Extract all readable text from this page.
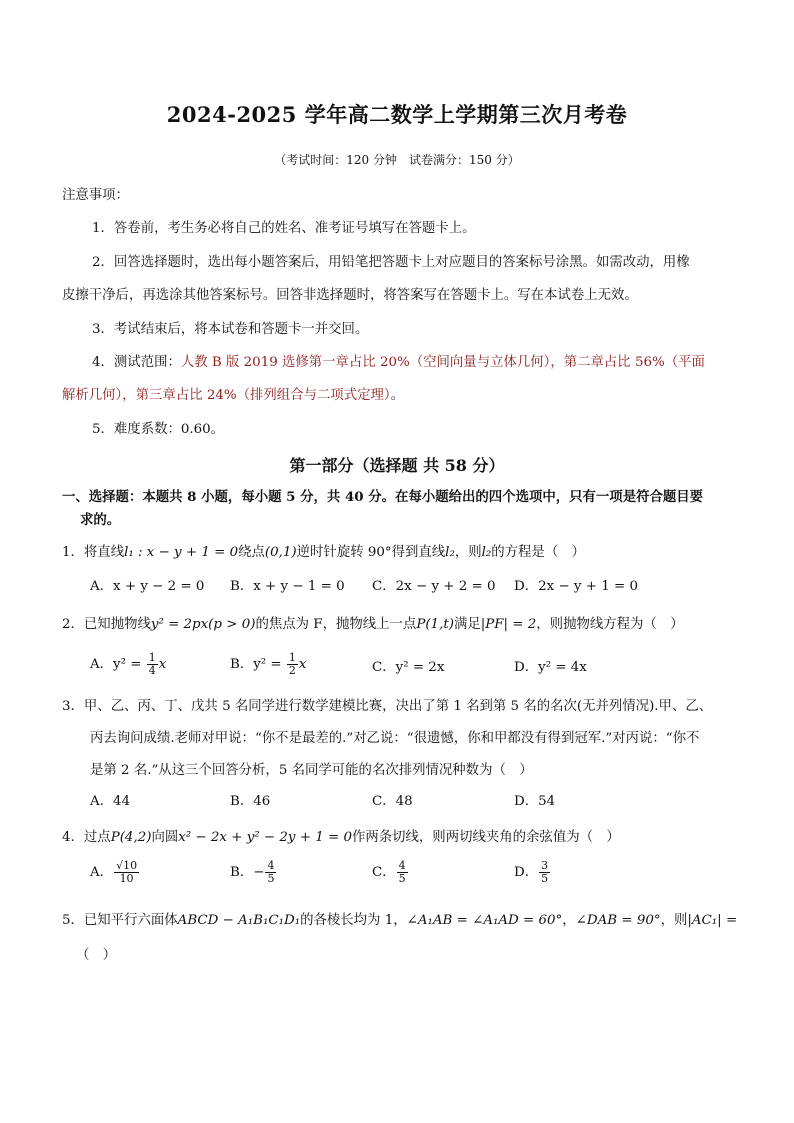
2024-2025 学年高二数学上学期第三次月考卷
（考试时间：120 分钟　试卷满分：150 分）
注意事项：
1．答卷前，考生务必将自己的姓名、准考证号填写在答题卡上。
2．回答选择题时，选出每小题答案后，用铅笔把答题卡上对应题目的答案标号涂黑。如需改动，用橡
皮擦干净后，再选涂其他答案标号。回答非选择题时，将答案写在答题卡上。写在本试卷上无效。
3．考试结束后，将本试卷和答题卡一并交回。
4．测试范围：人教 B 版 2019 选修第一章占比 20%（空间向量与立体几何），第二章占比 56%（平面
解析几何），第三章占比 24%（排列组合与二项式定理）。
5．难度系数：0.60。
第一部分（选择题 共 58 分）
一、选择题：本题共 8 小题，每小题 5 分，共 40 分。在每小题给出的四个选项中，只有一项是符合题目要
求的。
1．将直线l₁ : x − y + 1 = 0绕点(0,1)逆时针旋转 90°得到直线l₂，则l₂的方程是（　）
A．x + y − 2 = 0 B．x + y − 1 = 0 C．2x − y + 2 = 0 D．2x − y + 1 = 0
2．已知抛物线y² = 2px(p > 0)的焦点为 F，抛物线上一点P(1,t)满足|PF| = 2，则抛物线方程为（　）
A．$y^2 = \frac{1}{4}$ x	B．$y^2 = \frac{1}{2}$ x	C．y² = 2x	D．y² = 4x
3．甲、乙、丙、丁、戊共 5 名同学进行数学建模比赛，决出了第 1 名到第 5 名的名次(无并列情况).甲、乙、
丙去询问成绩.老师对甲说：“你不是最差的.”对乙说：“很遗憾，你和甲都没有得到冠军.”对丙说：“你不
是第 2 名.”从这三个回答分析，5 名同学可能的名次排列情况种数为（　）
A．44	B．46	C．48	D．54
4．过点P(4,2)向圆x² − 2x + y² − 2y + 1 = 0作两条切线，则两切线夹角的余弦值为（　）
A． $\frac{√10}{10}$	B．− $\frac{4}{5}$	C． $\frac{4}{5}$	D． $\frac{3}{5}$
5．已知平行六面体ABCD − A₁B₁C₁D₁的各棱长均为 1，∠A₁AB = ∠A₁AD = 60°，∠DAB = 90°，则|AC₁| =
（　）
